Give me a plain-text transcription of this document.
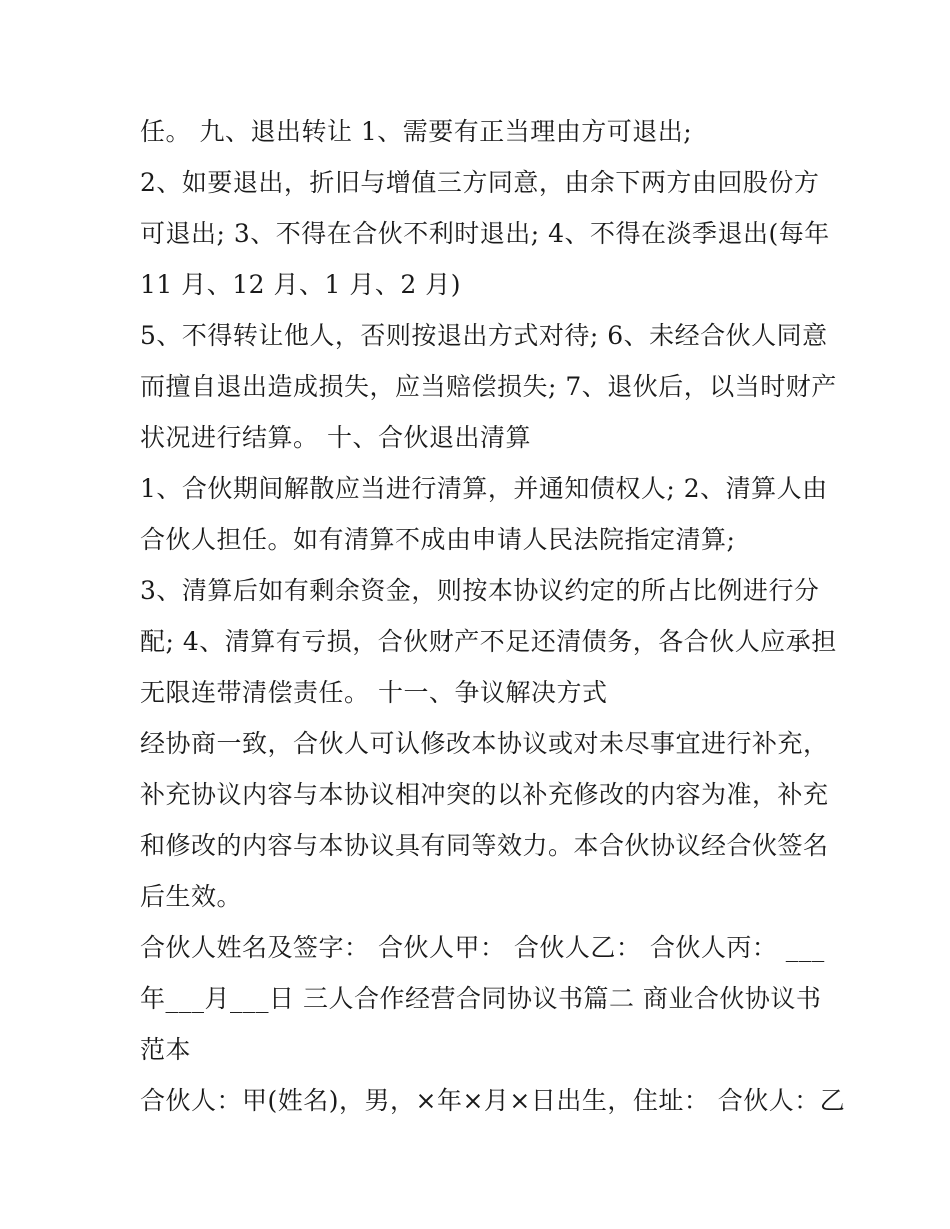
任。 九、退出转让 1、需要有正当理由方可退出;
2、如要退出，折旧与增值三方同意，由余下两方由回股份方
可退出; 3、不得在合伙不利时退出; 4、不得在淡季退出(每年
11 月、12 月、1 月、2 月)
5、不得转让他人，否则按退出方式对待; 6、未经合伙人同意
而擅自退出造成损失，应当赔偿损失; 7、退伙后，以当时财产
状况进行结算。 十、合伙退出清算
1、合伙期间解散应当进行清算，并通知债权人; 2、清算人由
合伙人担任。如有清算不成由申请人民法院指定清算;
3、清算后如有剩余资金，则按本协议约定的所占比例进行分
配; 4、清算有亏损，合伙财产不足还清债务，各合伙人应承担
无限连带清偿责任。 十一、争议解决方式
经协商一致，合伙人可认修改本协议或对未尽事宜进行补充，
补充协议内容与本协议相冲突的以补充修改的内容为准，补充
和修改的内容与本协议具有同等效力。本合伙协议经合伙签名
后生效。
合伙人姓名及签字： 合伙人甲： 合伙人乙： 合伙人丙： ___
年___月___日 三人合作经营合同协议书篇二 商业合伙协议书
范本
合伙人：甲(姓名)，男，×年×月×日出生，住址： 合伙人：乙
